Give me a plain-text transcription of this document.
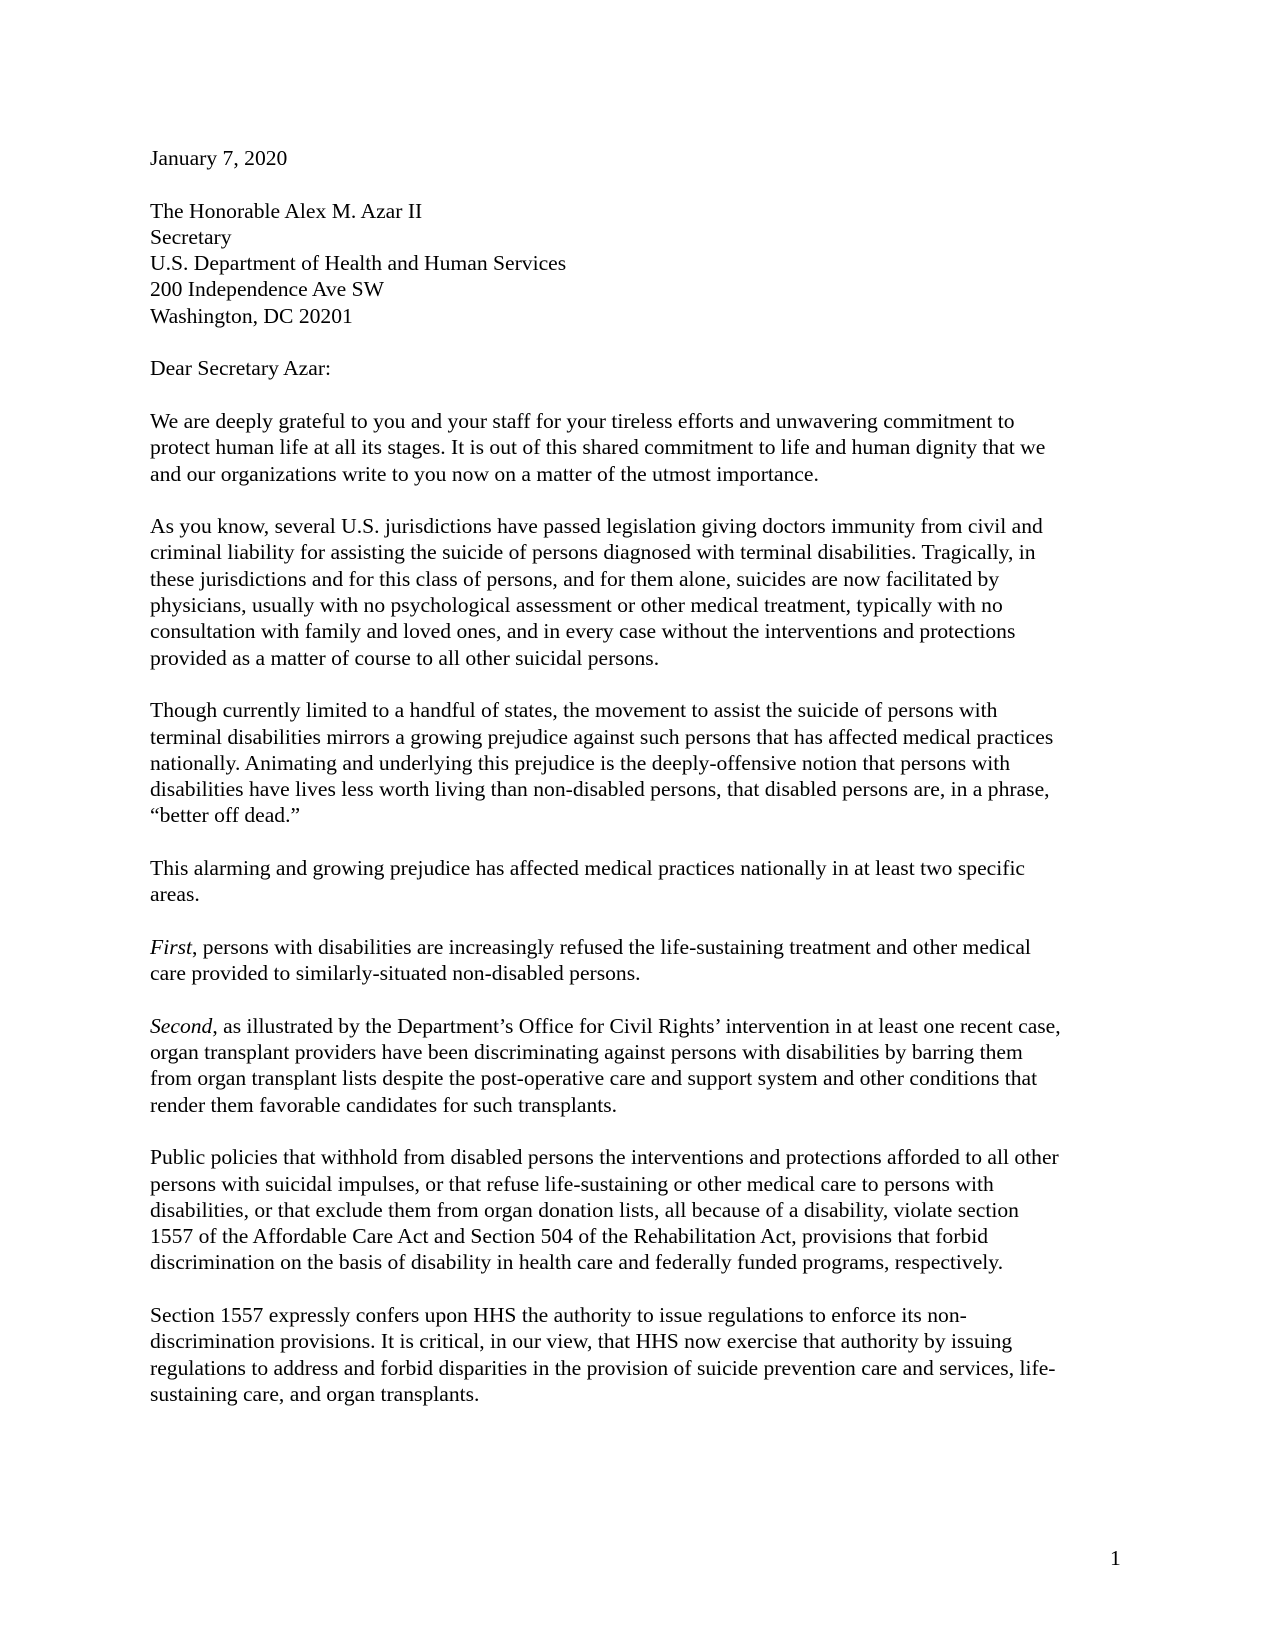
January 7, 2020
The Honorable Alex M. Azar II
Secretary
U.S. Department of Health and Human Services
200 Independence Ave SW
Washington, DC 20201
Dear Secretary Azar:
We are deeply grateful to you and your staff for your tireless efforts and unwavering commitment to
protect human life at all its stages. It is out of this shared commitment to life and human dignity that we
and our organizations write to you now on a matter of the utmost importance.
As you know, several U.S. jurisdictions have passed legislation giving doctors immunity from civil and
criminal liability for assisting the suicide of persons diagnosed with terminal disabilities. Tragically, in
these jurisdictions and for this class of persons, and for them alone, suicides are now facilitated by
physicians, usually with no psychological assessment or other medical treatment, typically with no
consultation with family and loved ones, and in every case without the interventions and protections
provided as a matter of course to all other suicidal persons.
Though currently limited to a handful of states, the movement to assist the suicide of persons with
terminal disabilities mirrors a growing prejudice against such persons that has affected medical practices
nationally. Animating and underlying this prejudice is the deeply-offensive notion that persons with
disabilities have lives less worth living than non-disabled persons, that disabled persons are, in a phrase,
“better off dead.”
This alarming and growing prejudice has affected medical practices nationally in at least two specific
areas.
First, persons with disabilities are increasingly refused the life-sustaining treatment and other medical
care provided to similarly-situated non-disabled persons.
Second, as illustrated by the Department’s Office for Civil Rights’ intervention in at least one recent case,
organ transplant providers have been discriminating against persons with disabilities by barring them
from organ transplant lists despite the post-operative care and support system and other conditions that
render them favorable candidates for such transplants.
Public policies that withhold from disabled persons the interventions and protections afforded to all other
persons with suicidal impulses, or that refuse life-sustaining or other medical care to persons with
disabilities, or that exclude them from organ donation lists, all because of a disability, violate section
1557 of the Affordable Care Act and Section 504 of the Rehabilitation Act, provisions that forbid
discrimination on the basis of disability in health care and federally funded programs, respectively.
Section 1557 expressly confers upon HHS the authority to issue regulations to enforce its non-
discrimination provisions. It is critical, in our view, that HHS now exercise that authority by issuing
regulations to address and forbid disparities in the provision of suicide prevention care and services, life-
sustaining care, and organ transplants.
1
